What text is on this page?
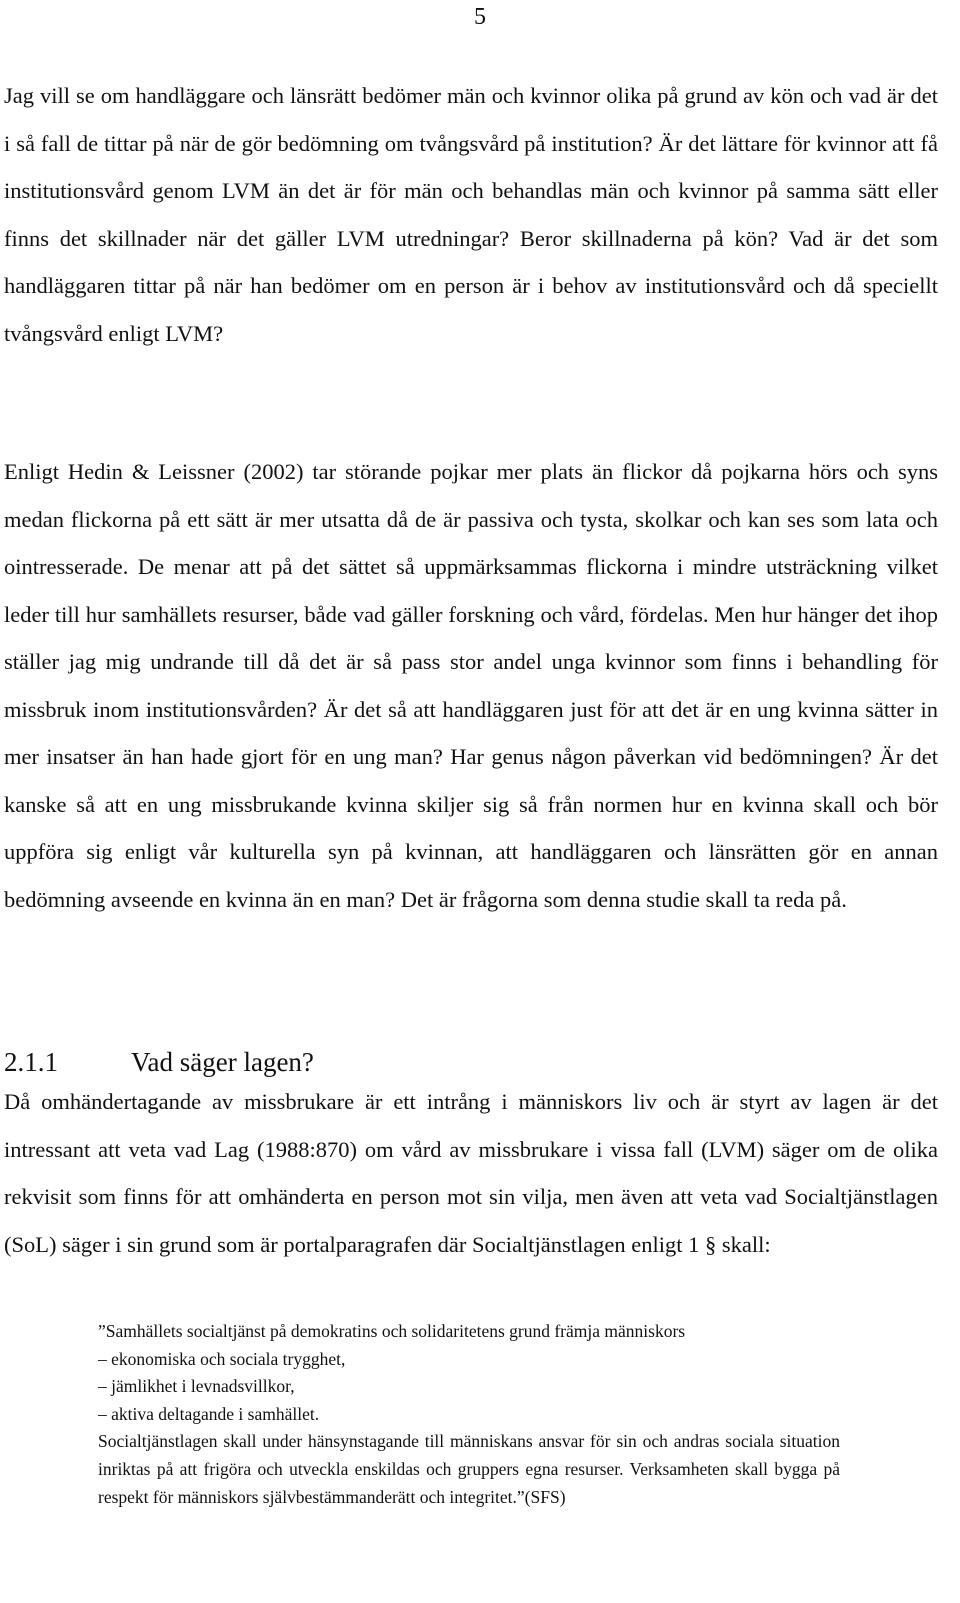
5

Jag vill se om handläggare och länsrätt bedömer män och kvinnor olika på grund av kön och vad är det i så fall de tittar på när de gör bedömning om tvångsvård på institution? Är det lättare för kvinnor att få institutionsvård genom LVM än det är för män och behandlas män och kvinnor på samma sätt eller finns det skillnader när det gäller LVM utredningar? Beror skillnaderna på kön? Vad är det som handläggaren tittar på när han bedömer om en person är i behov av institutionsvård och då speciellt tvångsvård enligt LVM?

Enligt Hedin & Leissner (2002) tar störande pojkar mer plats än flickor då pojkarna hörs och syns medan flickorna på ett sätt är mer utsatta då de är passiva och tysta, skolkar och kan ses som lata och ointresserade. De menar att på det sättet så uppmärksammas flickorna i mindre utsträckning vilket leder till hur samhällets resurser, både vad gäller forskning och vård, fördelas. Men hur hänger det ihop ställer jag mig undrande till då det är så pass stor andel unga kvinnor som finns i behandling för missbruk inom institutionsvården? Är det så att handläggaren just för att det är en ung kvinna sätter in mer insatser än han hade gjort för en ung man? Har genus någon påverkan vid bedömningen? Är det kanske så att en ung missbrukande kvinna skiljer sig så från normen hur en kvinna skall och bör uppföra sig enligt vår kulturella syn på kvinnan, att handläggaren och länsrätten gör en annan bedömning avseende en kvinna än en man? Det är frågorna som denna studie skall ta reda på.

2.1.1	Vad säger lagen?

Då omhändertagande av missbrukare är ett intrång i människors liv och är styrt av lagen är det intressant att veta vad Lag (1988:870) om vård av missbrukare i vissa fall (LVM) säger om de olika rekvisit som finns för att omhänderta en person mot sin vilja, men även att veta vad Socialtjänstlagen (SoL) säger i sin grund som är portalparagrafen där Socialtjänstlagen enligt 1 § skall:

”Samhällets socialtjänst på demokratins och solidaritetens grund främja människors

– ekonomiska och sociala trygghet,
– jämlikhet i levnadsvillkor,
– aktiva deltagande i samhället.

Socialtjänstlagen skall under hänsynstagande till människans ansvar för sin och andras sociala situation inriktas på att frigöra och utveckla enskildas och gruppers egna resurser. Verksamheten skall bygga på respekt för människors självbestämmanderätt och integritet.”(SFS)
